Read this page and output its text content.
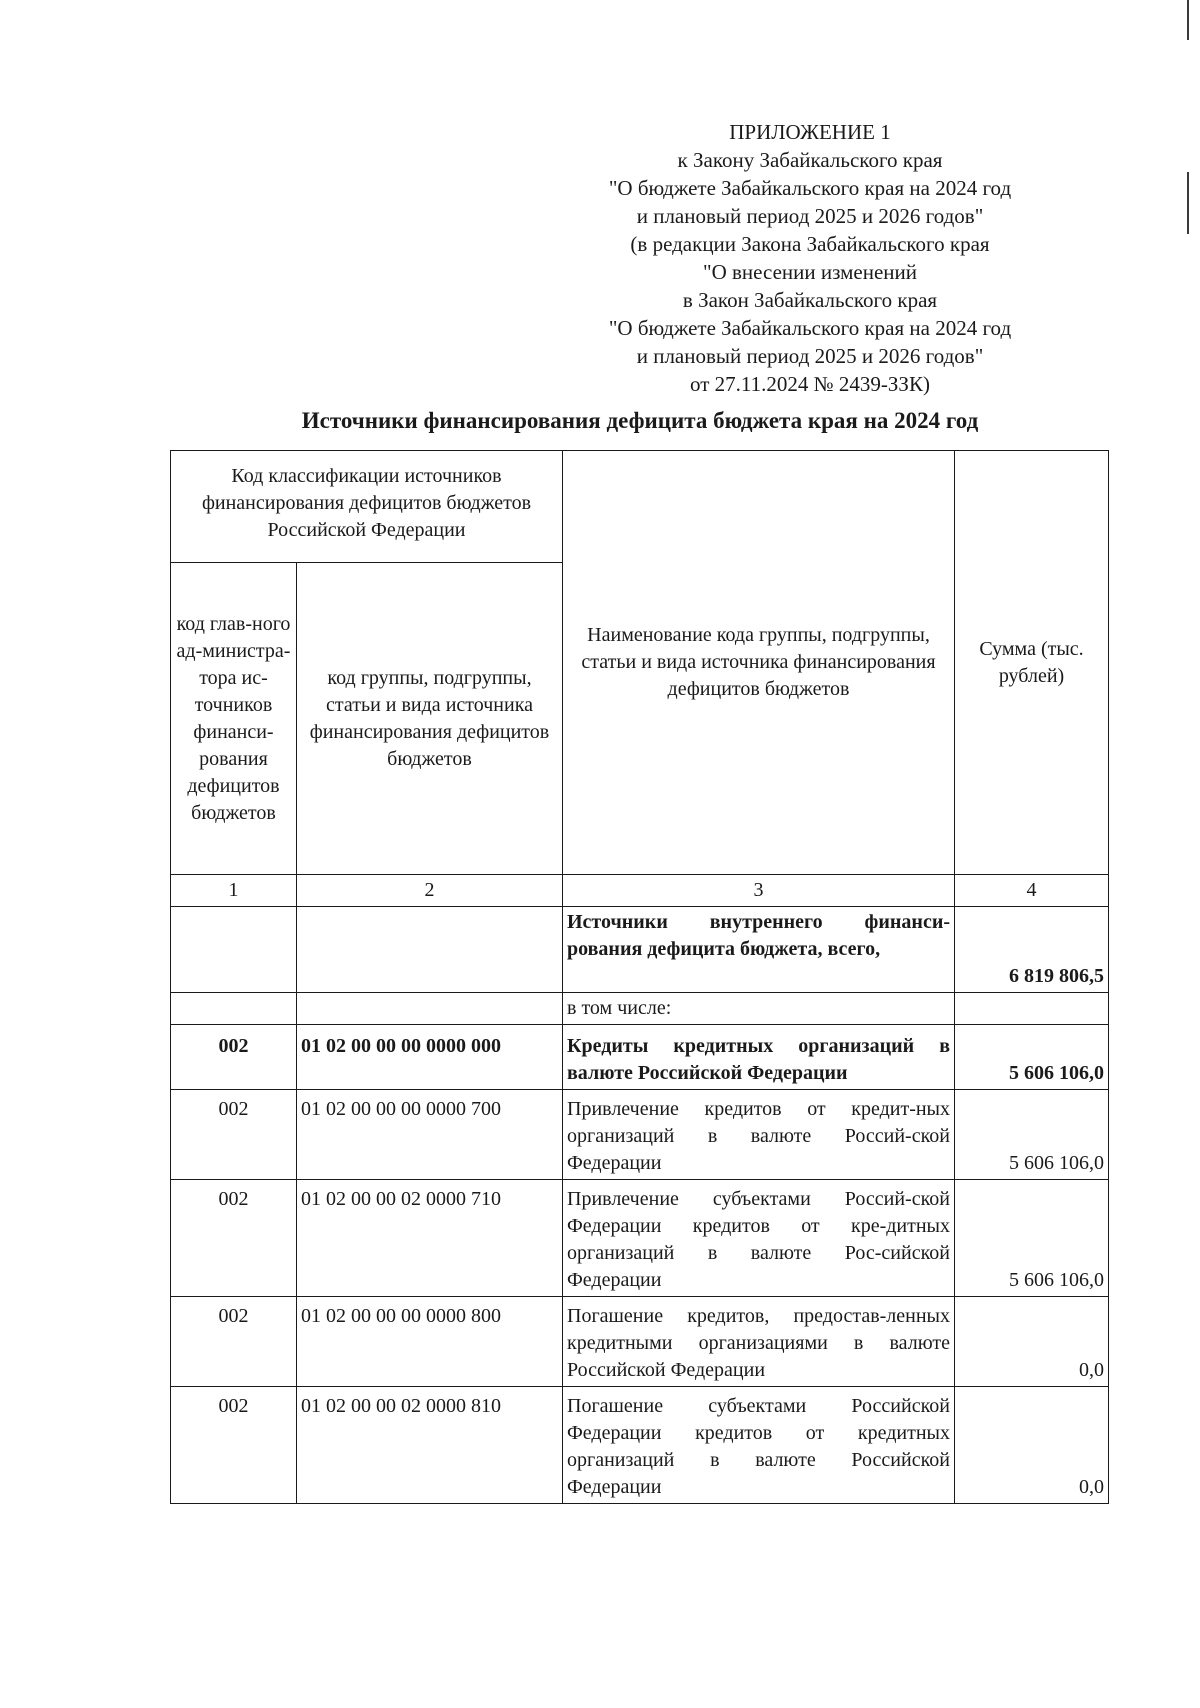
ПРИЛОЖЕНИЕ 1
к Закону Забайкальского края
"О бюджете Забайкальского края на 2024 год
и плановый период 2025 и 2026 годов"
(в редакции Закона Забайкальского края
"О внесении изменений
в Закон Забайкальского края
"О бюджете Забайкальского края на 2024 год
и плановый период 2025 и 2026 годов"
от 27.11.2024 № 2439-ЗЗК)
Источники финансирования дефицита бюджета края на 2024 год
Код классификации источников финансирования дефицитов бюджетов Российской Федерации		Наименование кода группы, подгруппы, статьи и вида источника финансирования дефицитов бюджетов	Сумма (тыс. рублей)
код глав-ного ад-министра-тора ис-точников финанси-рования дефицитов бюджетов	код группы, подгруппы, статьи и вида источника финансирования дефицитов бюджетов		
1	2	3	4
		Источники внутреннего финанси-рования дефицита бюджета, всего,	6 819 806,5
		в том числе:	
002	01 02 00 00 00 0000 000	Кредиты кредитных организаций в валюте Российской Федерации	5 606 106,0
002	01 02 00 00 00 0000 700	Привлечение кредитов от кредит-ных организаций в валюте Россий-ской Федерации	5 606 106,0
002	01 02 00 00 02 0000 710	Привлечение субъектами Россий-ской Федерации кредитов от кре-дитных организаций в валюте Рос-сийской Федерации	5 606 106,0
002	01 02 00 00 00 0000 800	Погашение кредитов, предостав-ленных кредитными организациями в валюте Российской Федерации	0,0
002	01 02 00 00 02 0000 810	Погашение субъектами Российской Федерации кредитов от кредитных организаций в валюте Российской Федерации	0,0
